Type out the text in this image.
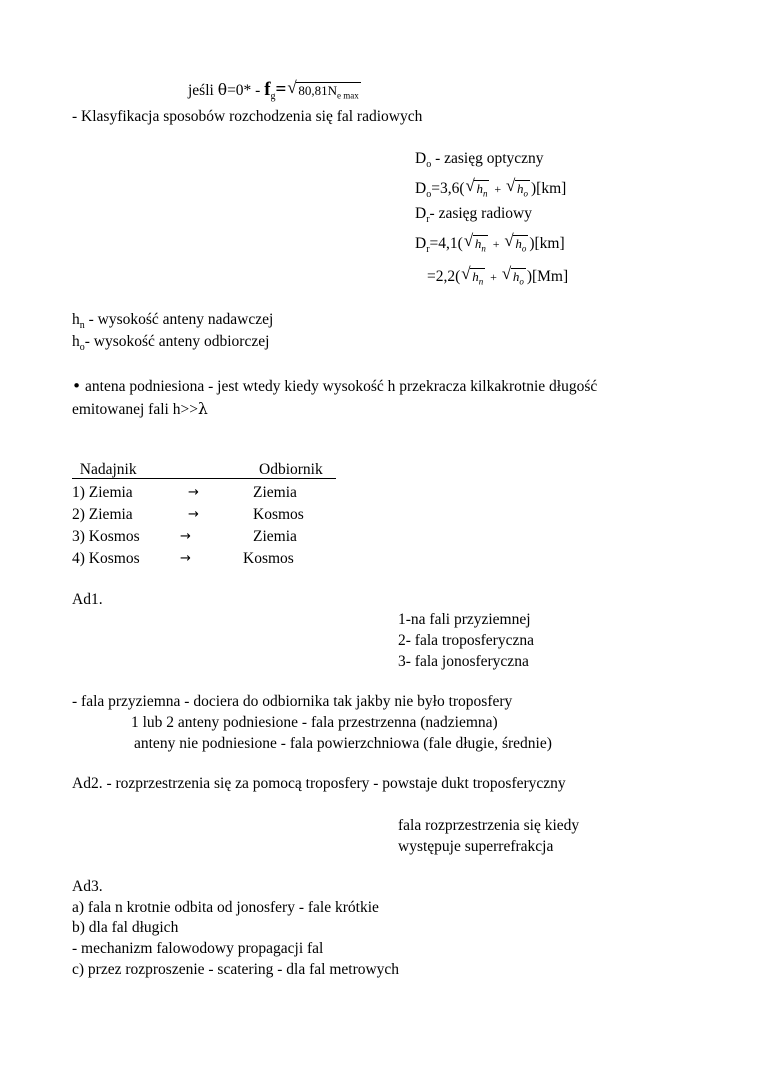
jeśli $\theta=0* - f_g=$ √ $80,81N_{e max}$
- Klasyfikacja sposobów rozchodzenia się fal radiowych
$D_o$ - zasięg optyczny
$D_o=3,6$( √ $h_n$ + √ $h_o$ )[km]
$D_r-$ zasięg radiowy
$D_r=4,1$( √ $h_n$ + √ $h_o$ )[km]
=2,2( √ $h_n$ + √ $h_o$ )[Mm]
$h_n$ - wysokość anteny nadawczej
$h_o-$ wysokość anteny odbiorczej
• antena podniesiona - jest wtedy kiedy wysokość h przekracza kilkakrotnie długość
emitowanej fali h>>λ
Nadajnik	Odbiornik
1) Ziemia	→	Ziemia
2) Ziemia	→	Kosmos
3) Kosmos	→	Ziemia
4) Kosmos	→	Kosmos
Ad1.
1-na fali przyziemnej
2- fala troposferyczna
3- fala jonosferyczna
- fala przyziemna - dociera do odbiornika tak jakby nie było troposfery
1 lub 2 anteny podniesione - fala przestrzenna (nadziemna)
anteny nie podniesione - fala powierzchniowa (fale długie, średnie)
Ad2. - rozprzestrzenia się za pomocą troposfery - powstaje dukt troposferyczny
fala rozprzestrzenia się kiedy
występuje superrefrakcja
Ad3.
a) fala n krotnie odbita od jonosfery - fale krótkie
b) dla fal długich
- mechanizm falowodowy propagacji fal
c) przez rozproszenie - scatering - dla fal metrowych
